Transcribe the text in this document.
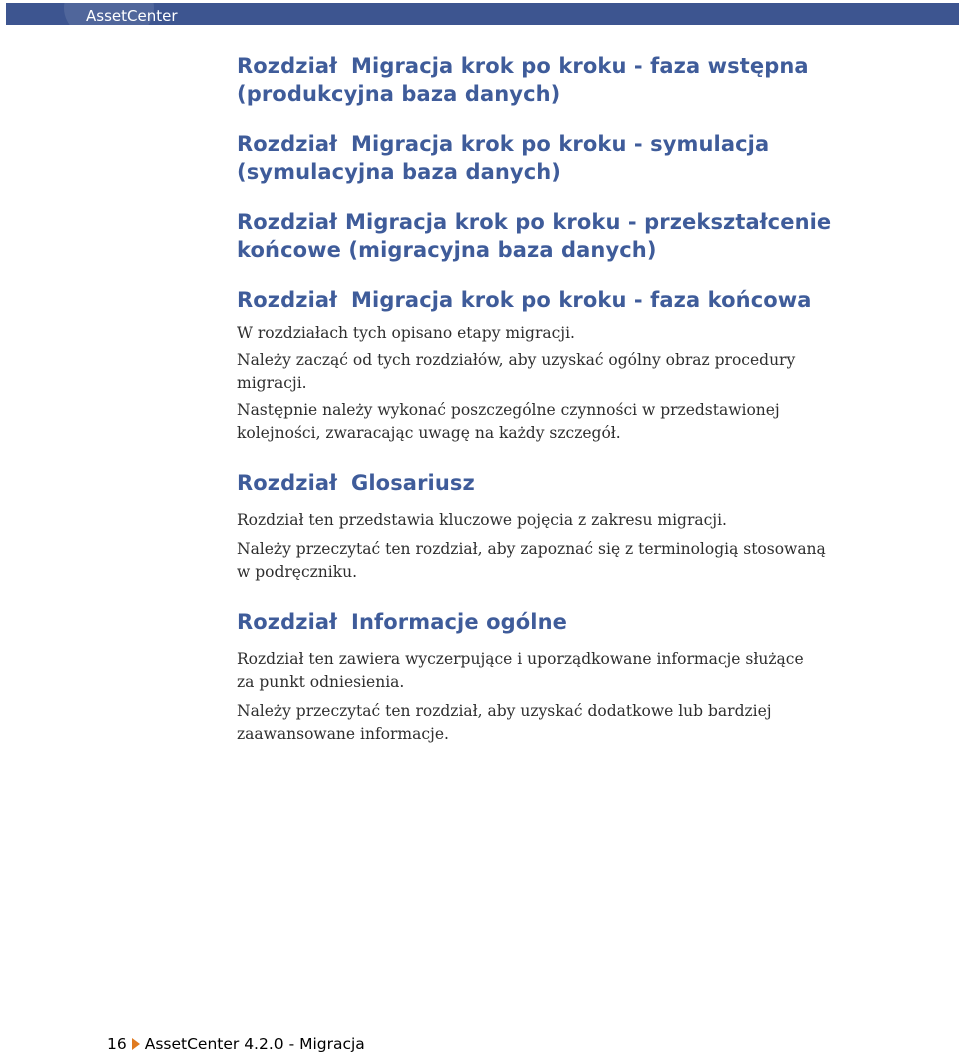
AssetCenter
Rozdział Migracja krok po kroku - faza wstępna
(produkcyjna baza danych)
Rozdział Migracja krok po kroku - symulacja
(symulacyjna baza danych)
Rozdział Migracja krok po kroku - przekształcenie
końcowe (migracyjna baza danych)
Rozdział Migracja krok po kroku - faza końcowa

W rozdziałach tych opisano etapy migracji.

Należy zacząć od tych rozdziałów, aby uzyskać ogólny obraz procedury
migracji.

Następnie należy wykonać poszczególne czynności w przedstawionej
kolejności, zwaracając uwagę na każdy szczegół.

Rozdział Glosariusz

Rozdział ten przedstawia kluczowe pojęcia z zakresu migracji.

Należy przeczytać ten rozdział, aby zapoznać się z terminologią stosowaną
w podręczniku.

Rozdział Informacje ogólne

Rozdział ten zawiera wyczerpujące i uporządkowane informacje służące
za punkt odniesienia.

Należy przeczytać ten rozdział, aby uzyskać dodatkowe lub bardziej
zaawansowane informacje.

16 AssetCenter 4.2.0 - Migracja
